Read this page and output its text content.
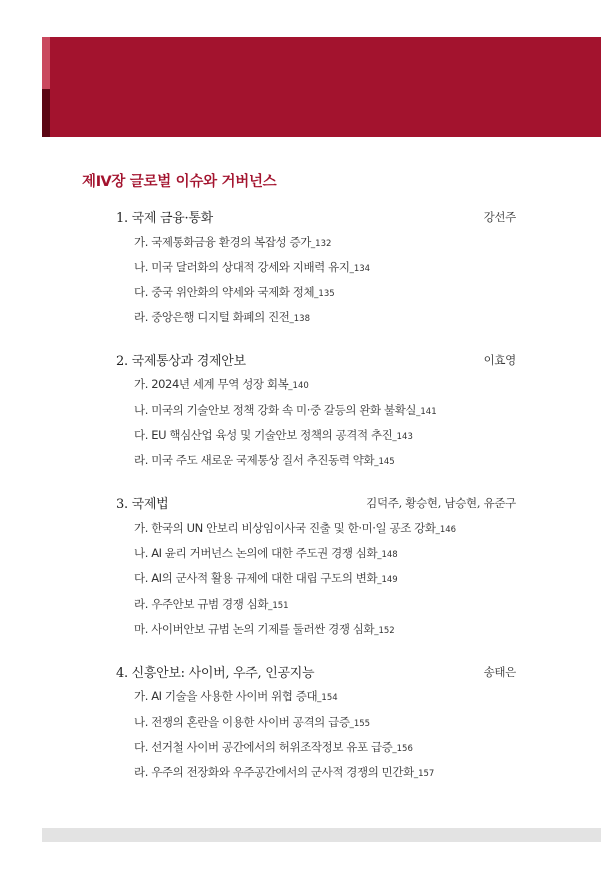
제Ⅳ장 글로벌 이슈와 거버넌스
1. 국제 금융·통화	강선주
가. 국제통화금융 환경의 복잡성 증가_132
나. 미국 달러화의 상대적 강세와 지배력 유지_134
다. 중국 위안화의 약세와 국제화 정체_135
라. 중앙은행 디지털 화폐의 진전_138
2. 국제통상과 경제안보	이효영
가. 2024년 세계 무역 성장 회복_140
나. 미국의 기술안보 정책 강화 속 미·중 갈등의 완화 불확실_141
다. EU 핵심산업 육성 및 기술안보 정책의 공격적 추진_143
라. 미국 주도 새로운 국제통상 질서 추진동력 약화_145
3. 국제법	김덕주, 황승현, 남승현, 유준구
가. 한국의 UN 안보리 비상임이사국 진출 및 한·미·일 공조 강화_146
나. AI 윤리 거버넌스 논의에 대한 주도권 경쟁 심화_148
다. AI의 군사적 활용 규제에 대한 대립 구도의 변화_149
라. 우주안보 규범 경쟁 심화_151
마. 사이버안보 규범 논의 기제를 둘러싼 경쟁 심화_152
4. 신흥안보: 사이버, 우주, 인공지능	송태은
가. AI 기술을 사용한 사이버 위협 증대_154
나. 전쟁의 혼란을 이용한 사이버 공격의 급증_155
다. 선거철 사이버 공간에서의 허위조작정보 유포 급증_156
라. 우주의 전장화와 우주공간에서의 군사적 경쟁의 민간화_157
